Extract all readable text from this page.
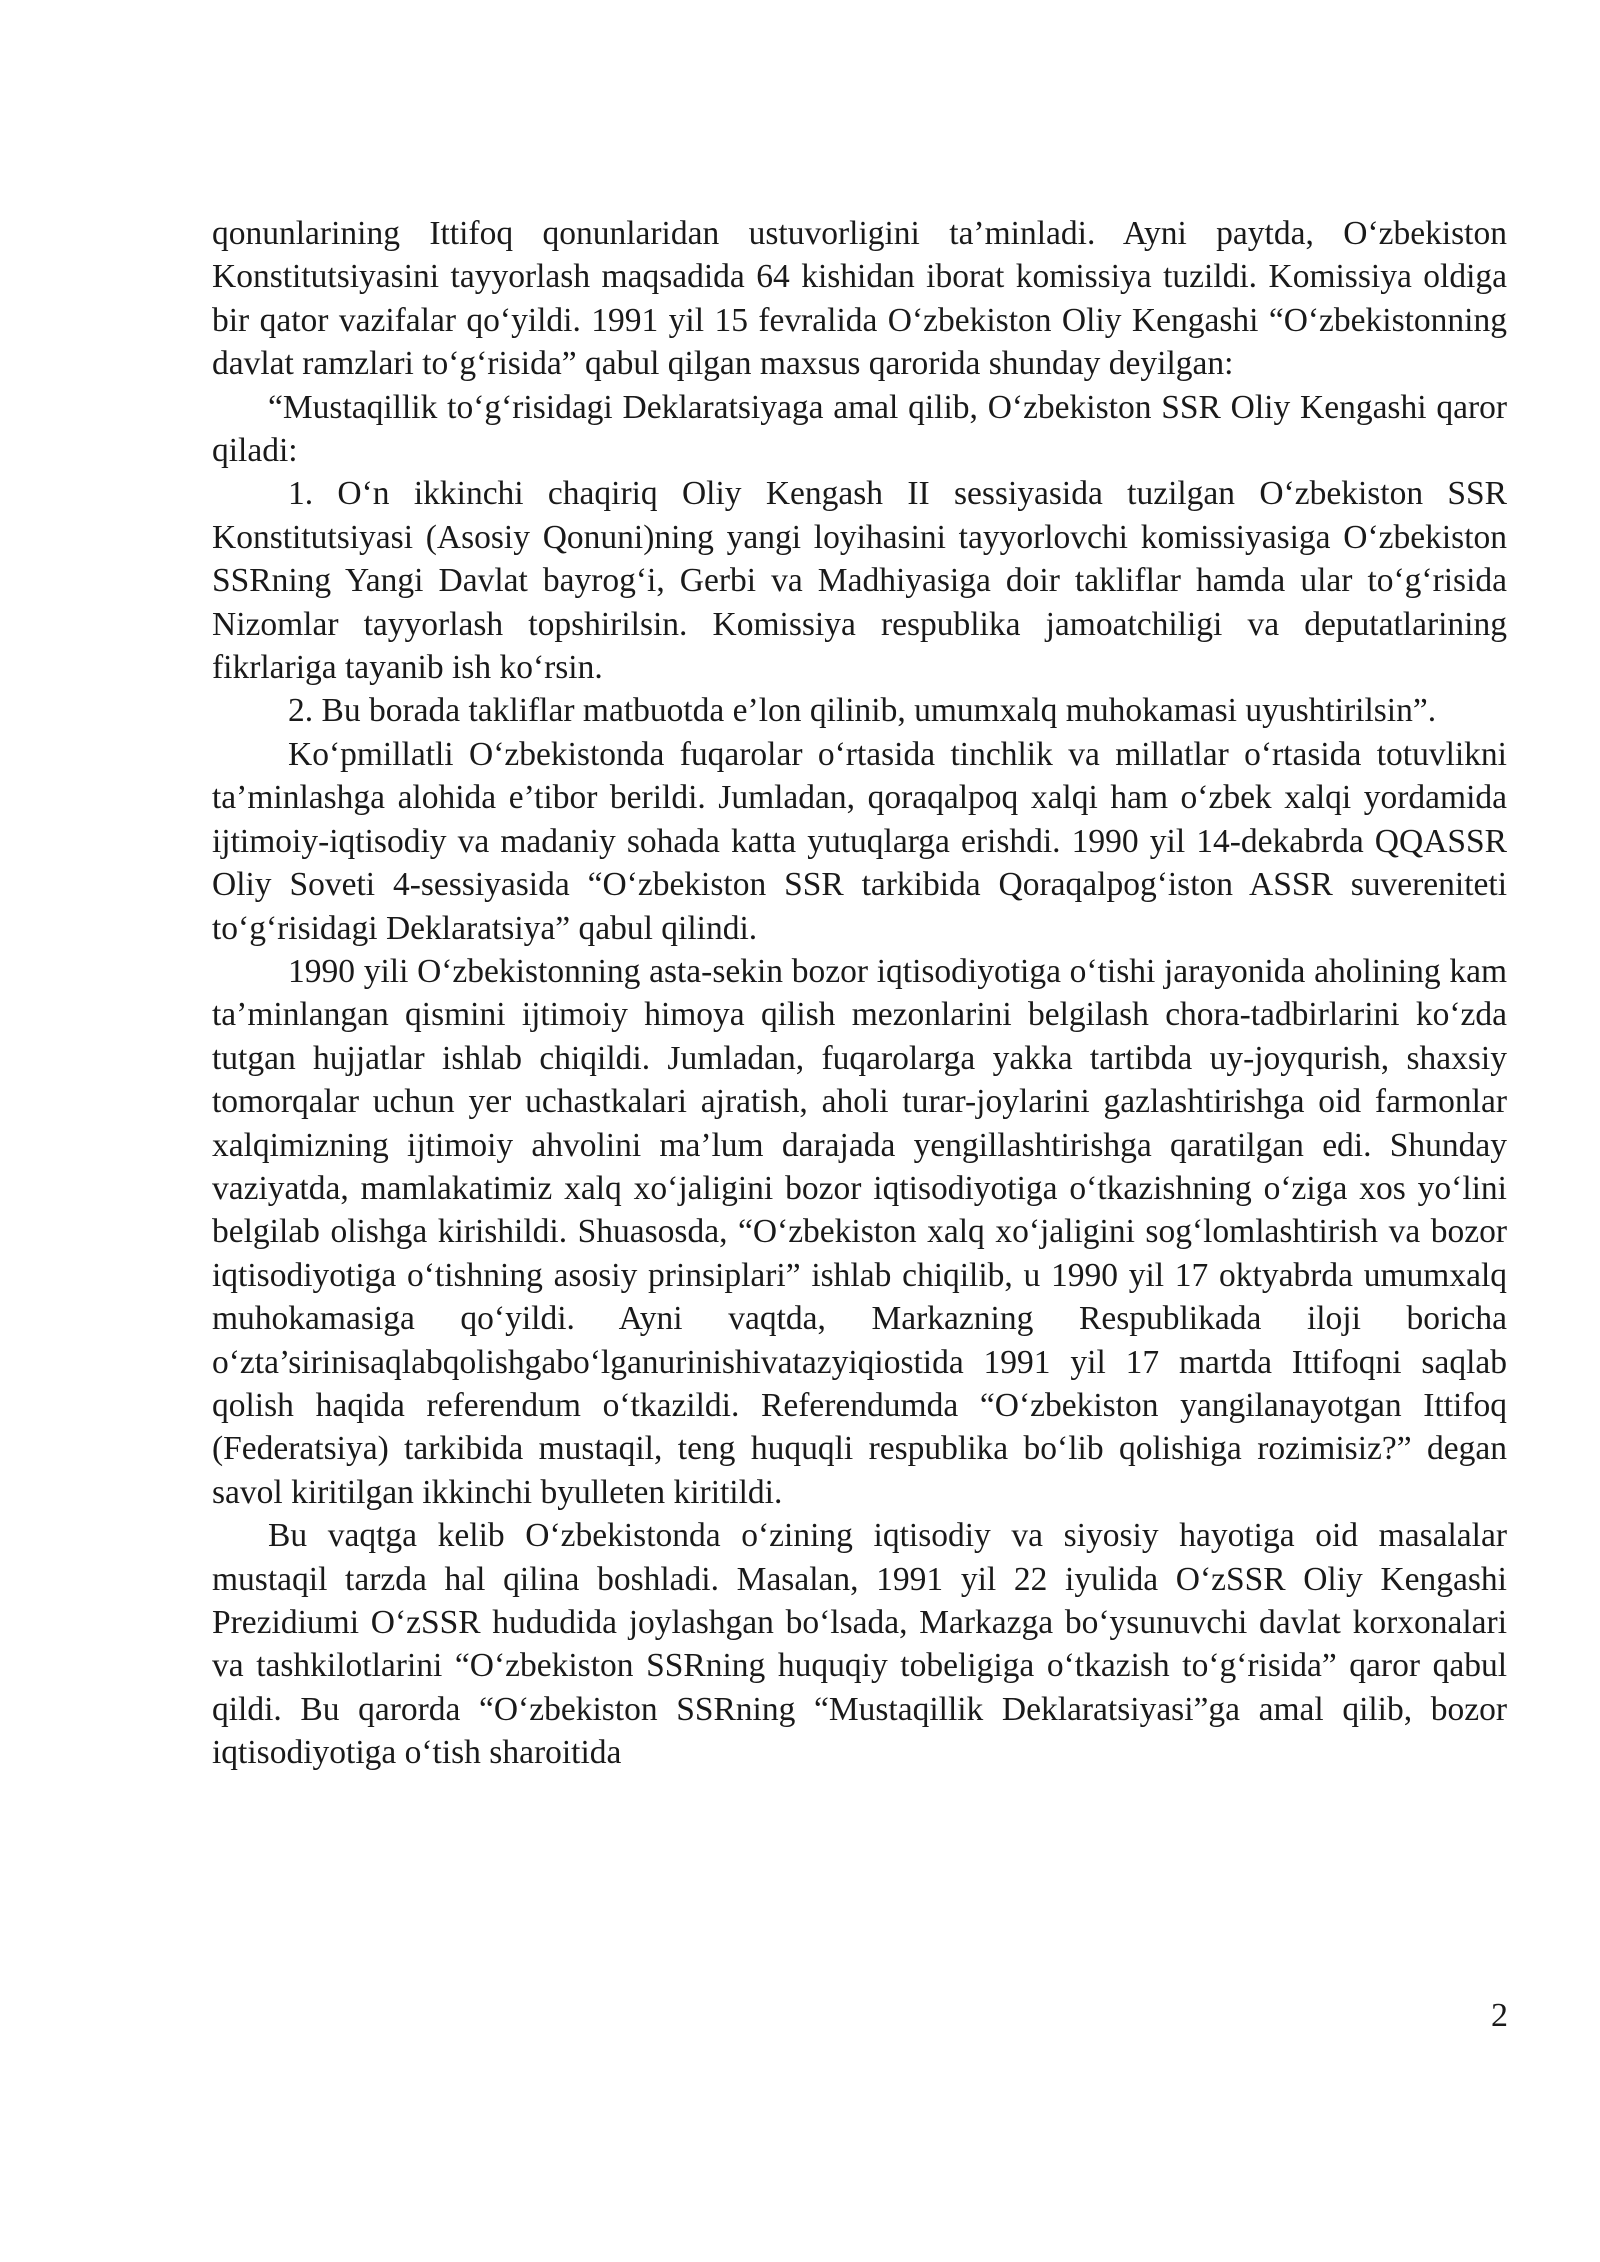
qonunlarining Ittifoq qonunlaridan ustuvorligini ta’minladi. Ayni paytda, O‘zbekiston Konstitutsiyasini tayyorlash maqsadida 64 kishidan iborat komissiya tuzildi. Komissiya oldiga bir qator vazifalar qo‘yildi. 1991 yil 15 fevralida O‘zbekiston Oliy Kengashi “O‘zbekistonning davlat ramzlari to‘g‘risida” qabul qilgan maxsus qarorida shunday deyilgan:

“Mustaqillik to‘g‘risidagi Deklaratsiyaga amal qilib, O‘zbekiston SSR Oliy Kengashi qaror qiladi:

1. O‘n ikkinchi chaqiriq Oliy Kengash II sessiyasida tuzilgan O‘zbekiston SSR Konstitutsiyasi (Asosiy Qonuni)ning yangi loyihasini tayyorlovchi komissiyasiga O‘zbekiston SSRning Yangi Davlat bayrog‘i, Gerbi va Madhiyasiga doir takliflar hamda ular to‘g‘risida Nizomlar tayyorlash topshirilsin. Komissiya respublika jamoatchiligi va deputatlarining fikrlariga tayanib ish ko‘rsin.

2. Bu borada takliflar matbuotda e’lon qilinib, umumxalq muhokamasi uyushtirilsin”.

Ko‘pmillatli O‘zbekistonda fuqarolar o‘rtasida tinchlik va millatlar o‘rtasida totuvlikni ta’minlashga alohida e’tibor berildi. Jumladan, qoraqalpoq xalqi ham o‘zbek xalqi yordamida ijtimoiy-iqtisodiy va madaniy sohada katta yutuqlarga erishdi. 1990 yil 14-dekabrda QQASSR Oliy Soveti 4-sessiyasida “O‘zbekiston SSR tarkibida Qoraqalpog‘iston ASSR suvereniteti to‘g‘risidagi Deklaratsiya” qabul qilindi.

1990 yili O‘zbekistonning asta-sekin bozor iqtisodiyotiga o‘tishi jarayonida aholining kam ta’minlangan qismini ijtimoiy himoya qilish mezonlarini belgilash chora-tadbirlarini ko‘zda tutgan hujjatlar ishlab chiqildi. Jumladan, fuqarolarga yakka tartibda uy-joyqurish, shaxsiy tomorqalar uchun yer uchastkalari ajratish, aholi turar-joylarini gazlashtirishga oid farmonlar xalqimizning ijtimoiy ahvolini ma’lum darajada yengillashtirishga qaratilgan edi. Shunday vaziyatda, mamlakatimiz xalq xo‘jaligini bozor iqtisodiyotiga o‘tkazishning o‘ziga xos yo‘lini belgilab olishga kirishildi. Shuasosda, “O‘zbekiston xalq xo‘jaligini sog‘lomlashtirish va bozor iqtisodiyotiga o‘tishning asosiy prinsiplari” ishlab chiqilib, u 1990 yil 17 oktyabrda umumxalq muhokamasiga qo‘yildi. Ayni vaqtda, Markazning Respublikada iloji boricha o‘zta’sirinisaqlabqolishgabo‘lganurinishivatazyiqiostida 1991 yil 17 martda Ittifoqni saqlab qolish haqida referendum o‘tkazildi. Referendumda “O‘zbekiston yangilanayotgan Ittifoq (Federatsiya) tarkibida mustaqil, teng huquqli respublika bo‘lib qolishiga rozimisiz?” degan savol kiritilgan ikkinchi byulleten kiritildi.

Bu vaqtga kelib O‘zbekistonda o‘zining iqtisodiy va siyosiy hayotiga oid masalalar mustaqil tarzda hal qilina boshladi. Masalan, 1991 yil 22 iyulida O‘zSSR Oliy Kengashi Prezidiumi O‘zSSR hududida joylashgan bo‘lsada, Markazga bo‘ysunuvchi davlat korxonalari va tashkilotlarini “O‘zbekiston SSRning huquqiy tobeligiga o‘tkazish to‘g‘risida” qaror qabul qildi. Bu qarorda “O‘zbekiston SSRning “Mustaqillik Deklaratsiyasi”ga amal qilib, bozor iqtisodiyotiga o‘tish sharoitida

2
